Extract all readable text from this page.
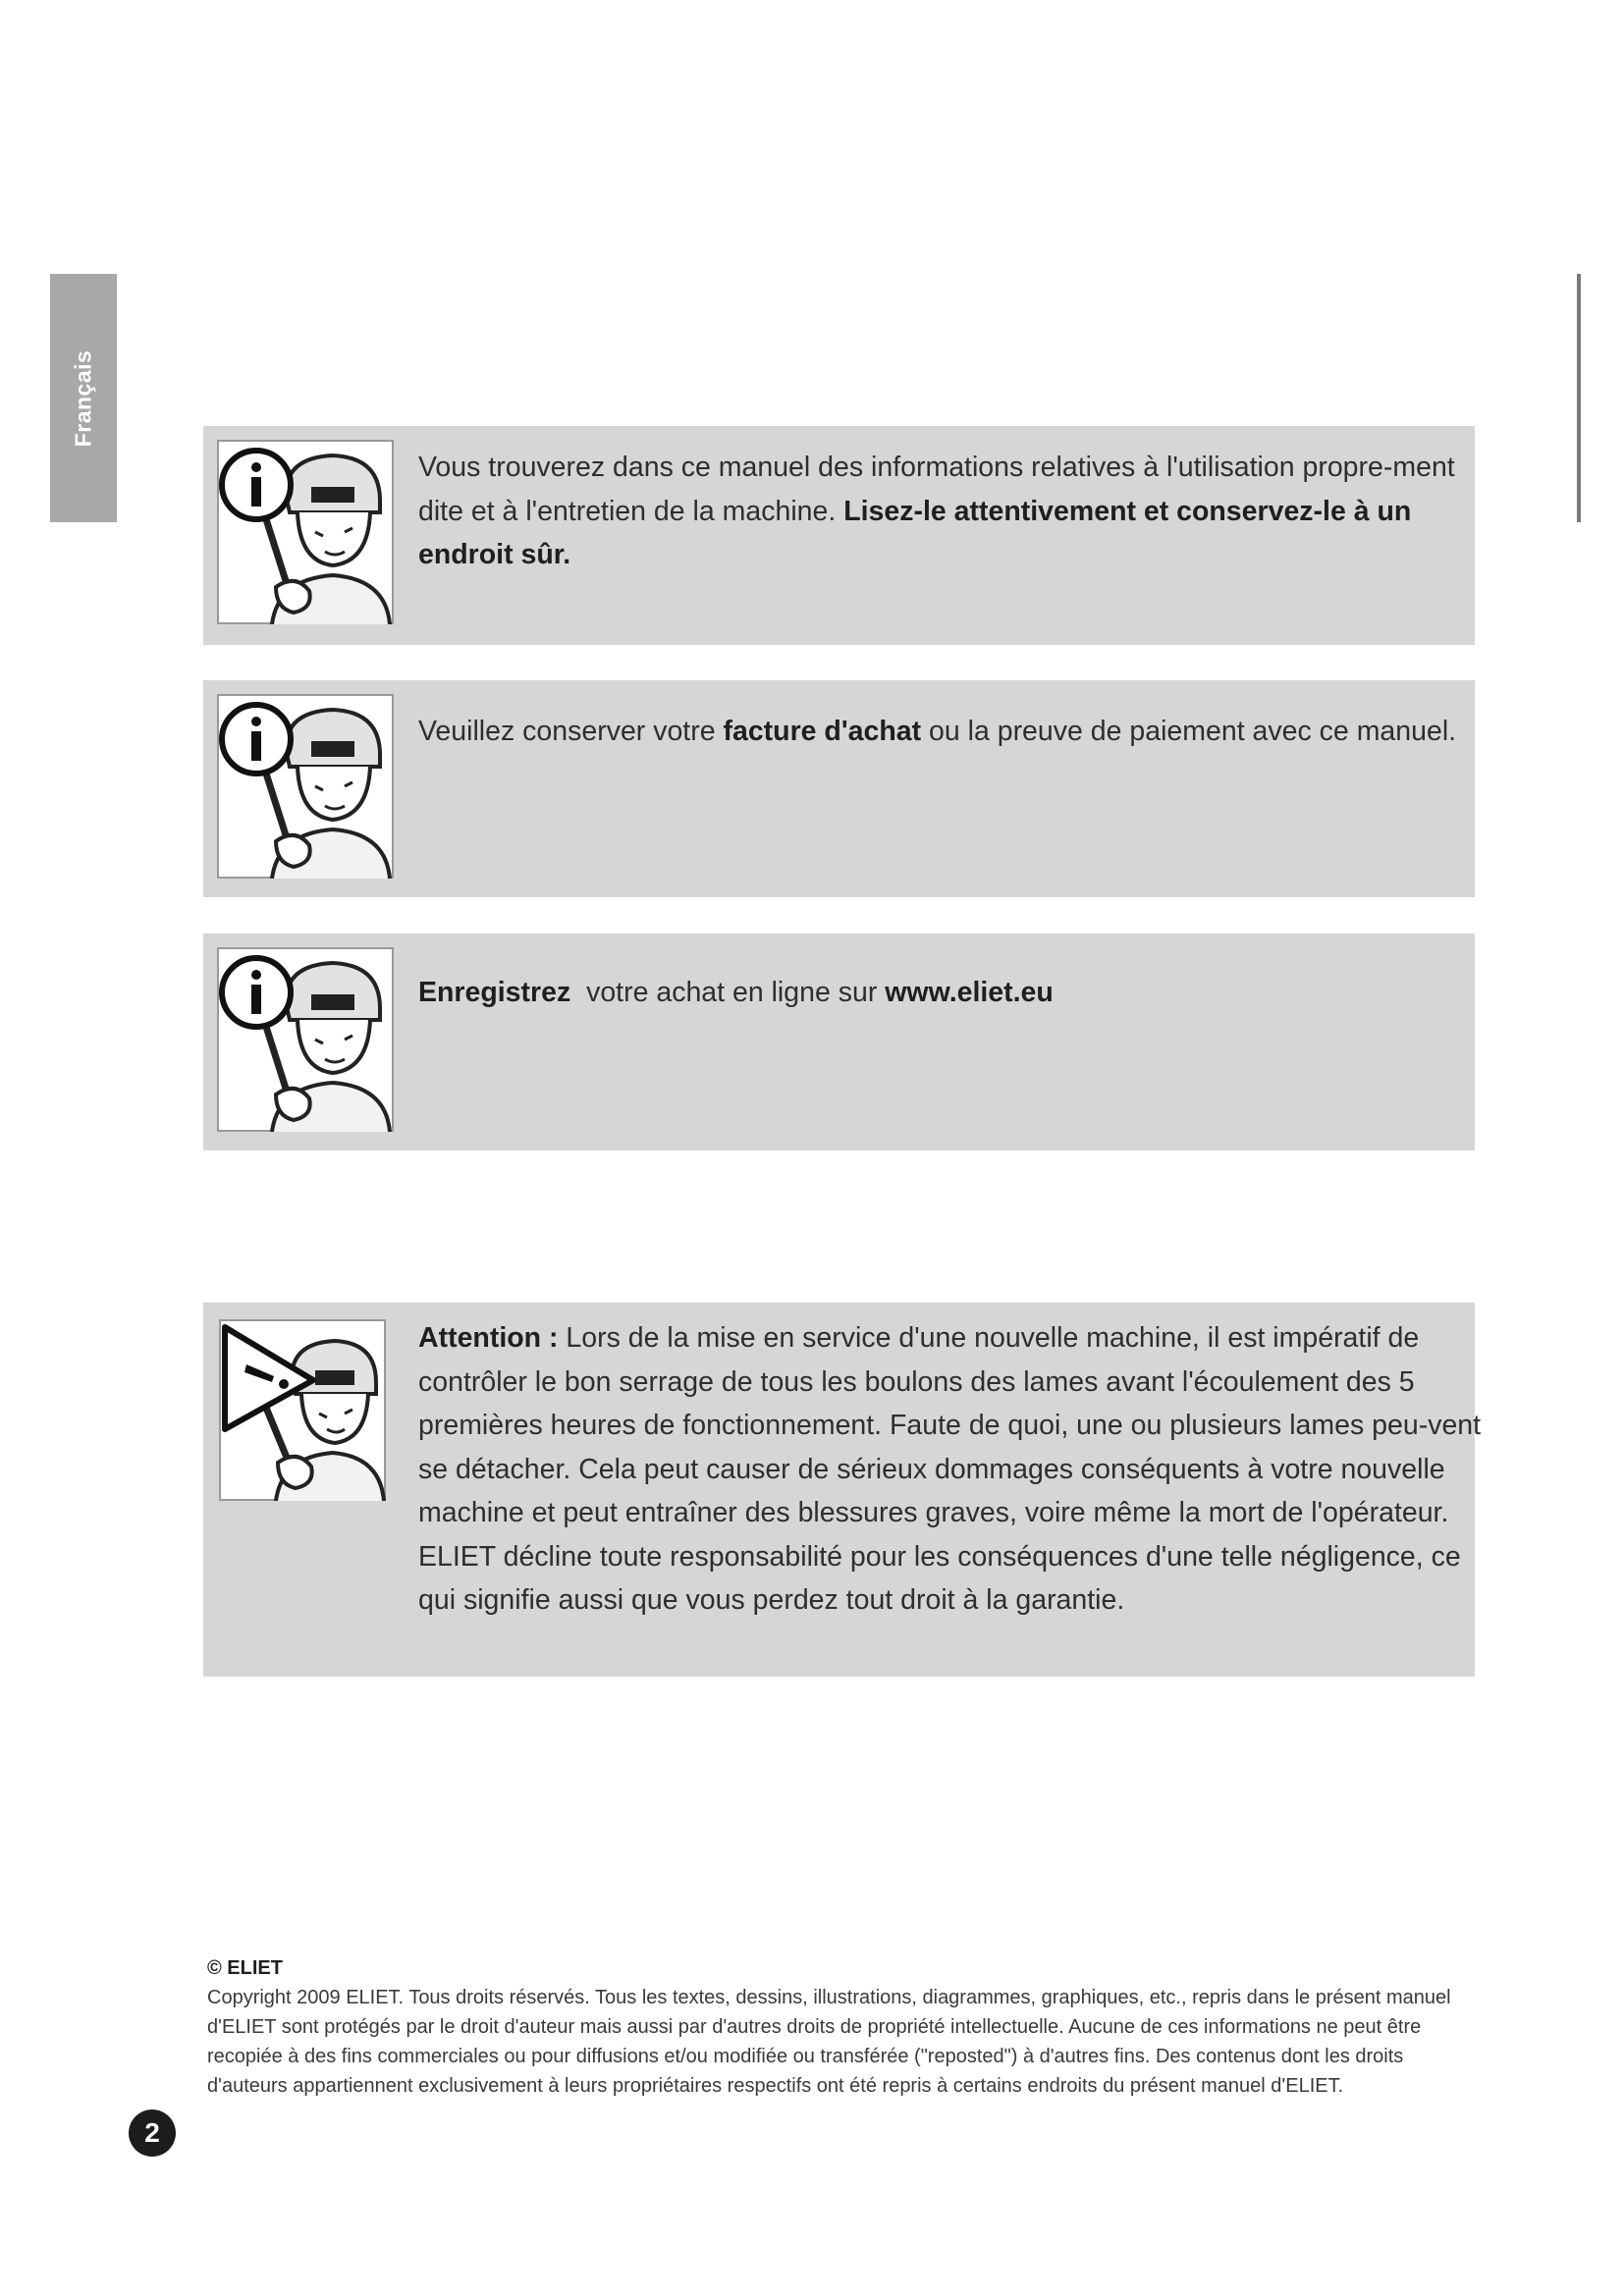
Français
Vous trouverez dans ce manuel des informations relatives à l'utilisation propre-ment dite et à l'entretien de la machine. Lisez-le attentivement et conservez-le à un endroit sûr.
Veuillez conserver votre facture d'achat ou la preuve de paiement avec ce manuel.
Enregistrez  votre achat en ligne sur www.eliet.eu
Attention : Lors de la mise en service d'une nouvelle machine, il est impératif de contrôler le bon serrage de tous les boulons des lames avant l'écoulement des 5 premières heures de fonctionnement. Faute de quoi, une ou plusieurs lames peu-vent se détacher. Cela peut causer de sérieux dommages conséquents à votre nouvelle machine et peut entraîner des blessures graves, voire même la mort de l'opérateur. ELIET décline toute responsabilité pour les conséquences d'une telle négligence, ce qui signifie aussi que vous perdez tout droit à la garantie.
© ELIET
Copyright 2009 ELIET. Tous droits réservés. Tous les textes, dessins, illustrations, diagrammes, graphiques, etc., repris dans le présent manuel d'ELIET sont protégés par le droit d'auteur mais aussi par d'autres droits de propriété intellectuelle. Aucune de ces informations ne peut être recopiée à des fins commerciales ou pour diffusions et/ou modifiée ou transférée ("reposted") à d'autres fins. Des contenus dont les droits d'auteurs appartiennent exclusivement à leurs propriétaires respectifs ont été repris à certains endroits du présent manuel d'ELIET.
2
